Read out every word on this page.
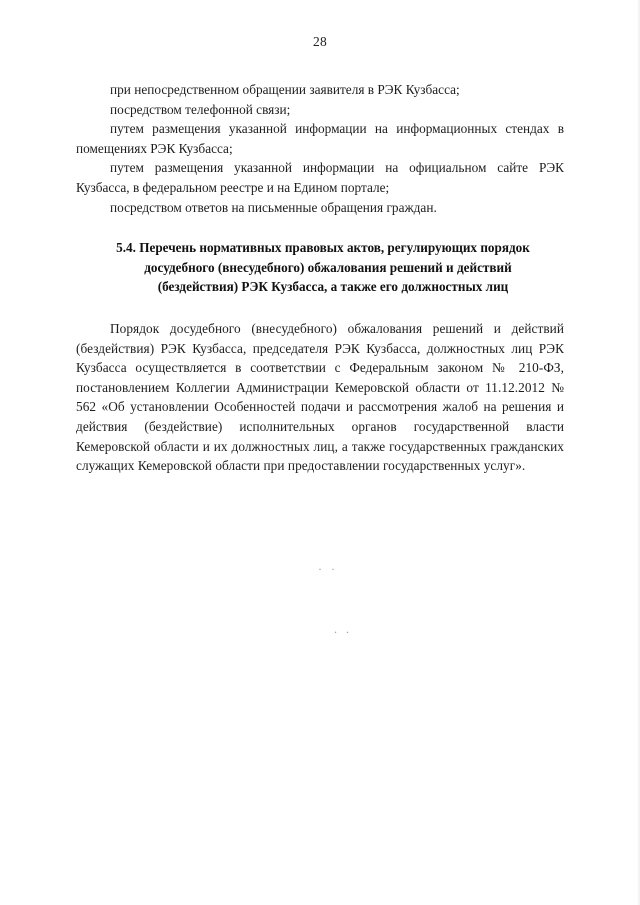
28

при непосредственном обращении заявителя в РЭК Кузбасса;

посредством телефонной связи;

путем размещения указанной информации на информационных стендах в помещениях РЭК Кузбасса;

путем размещения указанной информации на официальном сайте РЭК Кузбасса, в федеральном реестре и на Едином портале;

посредством ответов на письменные обращения граждан.

5.4. Перечень нормативных правовых актов, регулирующих порядок
досудебного (внесудебного) обжалования решений и действий
(бездействия) РЭК Кузбасса, а также его должностных лиц

Порядок досудебного (внесудебного) обжалования решений и действий (бездействия) РЭК Кузбасса, председателя РЭК Кузбасса, должностных лиц РЭК Кузбасса осуществляется в соответствии с Федеральным законом № 210-ФЗ, постановлением Коллегии Администрации Кемеровской области от 11.12.2012 № 562 «Об установлении Особенностей подачи и рассмотрения жалоб на решения и действия (бездействие) исполнительных органов государственной власти Кемеровской области и их должностных лиц, а также государственных гражданских служащих Кемеровской области при предоставлении государственных услуг».

· ·
. .
